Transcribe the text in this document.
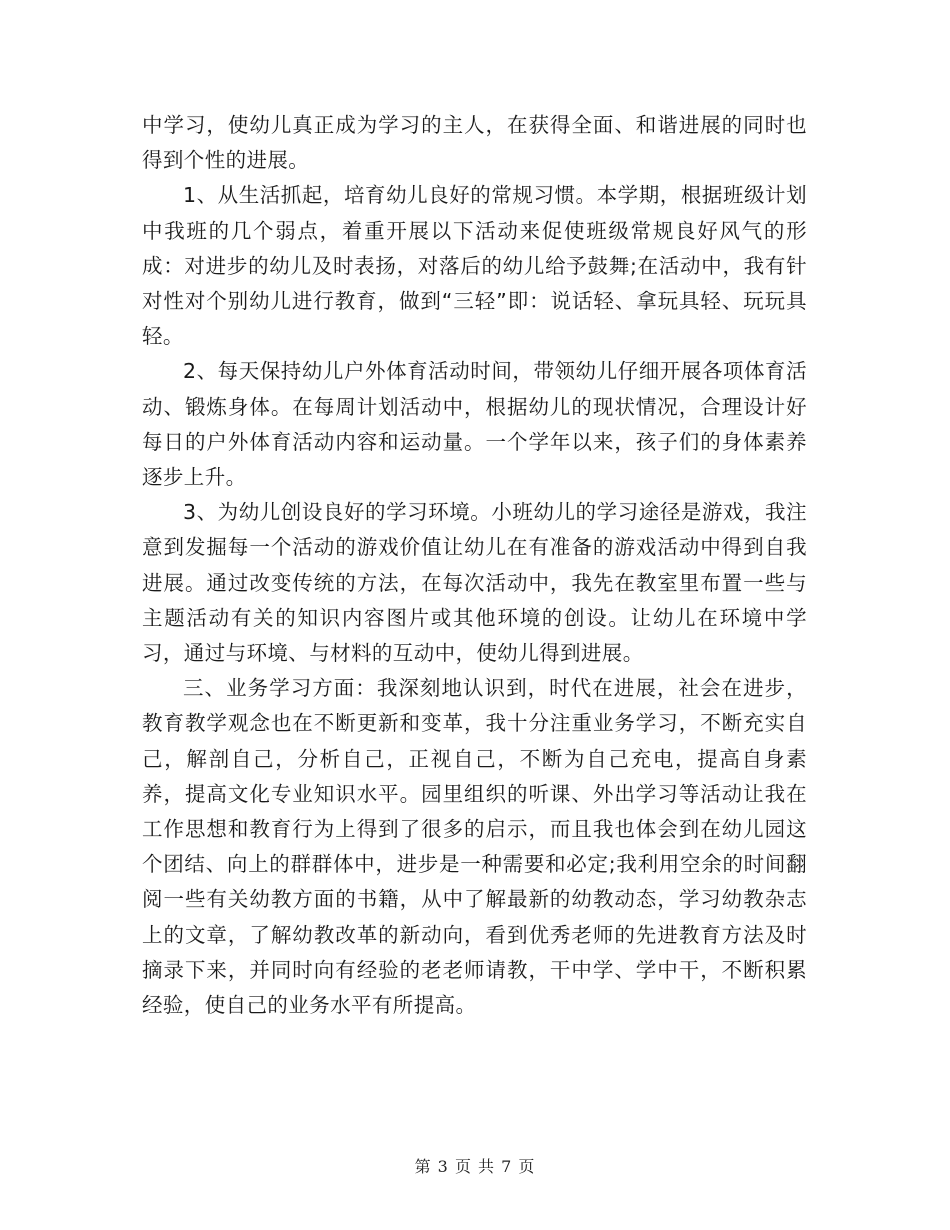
中学习，使幼儿真正成为学习的主人，在获得全面、和谐进展的同时也得到个性的进展。

1、从生活抓起，培育幼儿良好的常规习惯。本学期，根据班级计划中我班的几个弱点，着重开展以下活动来促使班级常规良好风气的形成：对进步的幼儿及时表扬，对落后的幼儿给予鼓舞;在活动中，我有针对性对个别幼儿进行教育，做到“三轻”即：说话轻、拿玩具轻、玩玩具轻。

2、每天保持幼儿户外体育活动时间，带领幼儿仔细开展各项体育活动、锻炼身体。在每周计划活动中，根据幼儿的现状情况，合理设计好每日的户外体育活动内容和运动量。一个学年以来，孩子们的身体素养逐步上升。

3、为幼儿创设良好的学习环境。小班幼儿的学习途径是游戏，我注意到发掘每一个活动的游戏价值让幼儿在有准备的游戏活动中得到自我进展。通过改变传统的方法，在每次活动中，我先在教室里布置一些与主题活动有关的知识内容图片或其他环境的创设。让幼儿在环境中学习，通过与环境、与材料的互动中，使幼儿得到进展。

三、业务学习方面：我深刻地认识到，时代在进展，社会在进步，教育教学观念也在不断更新和变革，我十分注重业务学习，不断充实自己，解剖自己，分析自己，正视自己，不断为自己充电，提高自身素养，提高文化专业知识水平。园里组织的听课、外出学习等活动让我在工作思想和教育行为上得到了很多的启示，而且我也体会到在幼儿园这个团结、向上的群群体中，进步是一种需要和必定;我利用空余的时间翻阅一些有关幼教方面的书籍，从中了解最新的幼教动态，学习幼教杂志上的文章，了解幼教改革的新动向，看到优秀老师的先进教育方法及时摘录下来，并同时向有经验的老老师请教，干中学、学中干，不断积累经验，使自己的业务水平有所提高。

第 3 页 共 7 页
